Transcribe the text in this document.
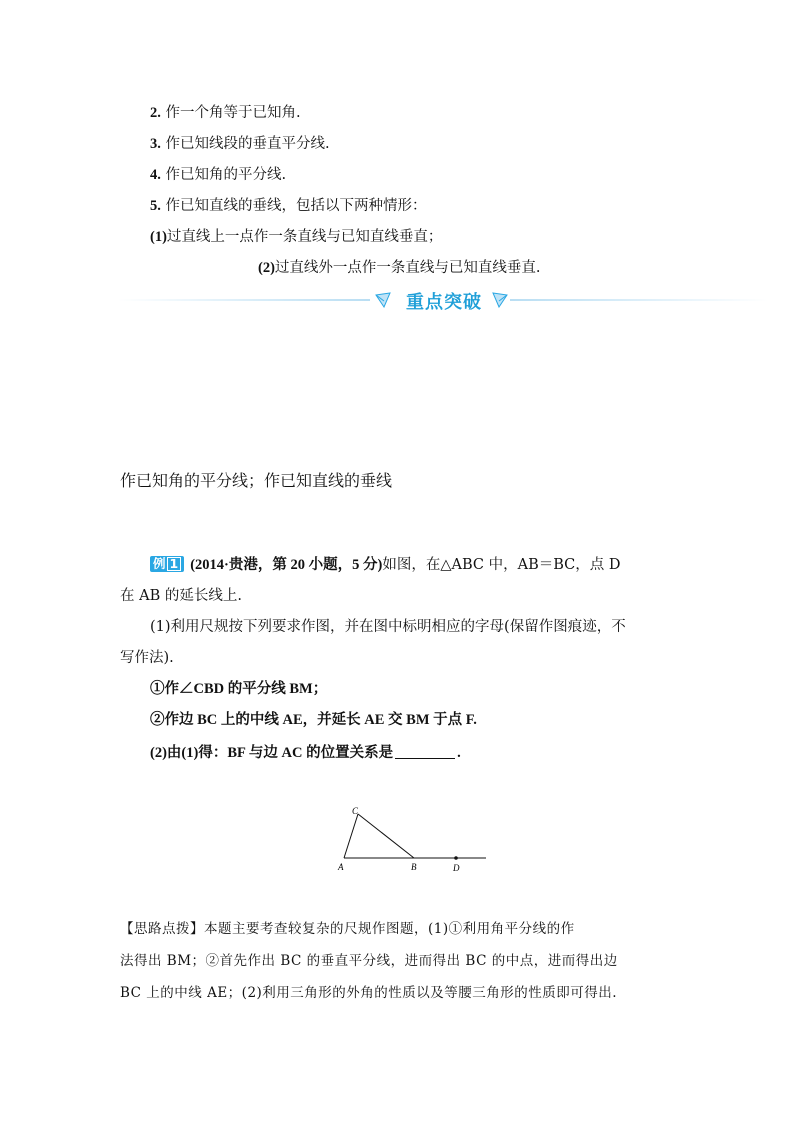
2. 作一个角等于已知角.
3. 作已知线段的垂直平分线.
4. 作已知角的平分线.
5. 作已知直线的垂线，包括以下两种情形：
(1)过直线上一点作一条直线与已知直线垂直；
(2)过直线外一点作一条直线与已知直线垂直.
重点突破
作已知角的平分线；作已知直线的垂线
例 1 (2014·贵港，第 20 小题，5 分)如图，在△ABC 中，AB＝BC，点 D
在 AB 的延长线上.
(1)利用尺规按下列要求作图，并在图中标明相应的字母(保留作图痕迹，不
写作法).
①作∠CBD 的平分线 BM；
②作边 BC 上的中线 AE，并延长 AE 交 BM 于点 F.
(2)由(1)得：BF 与边 AC 的位置关系是	.
C
A	B	D
【思路点拨】本题主要考查较复杂的尺规作图题，(1)①利用角平分线的作
法得出 BM；②首先作出 BC 的垂直平分线，进而得出 BC 的中点，进而得出边
BC 上的中线 AE；(2)利用三角形的外角的性质以及等腰三角形的性质即可得出.
